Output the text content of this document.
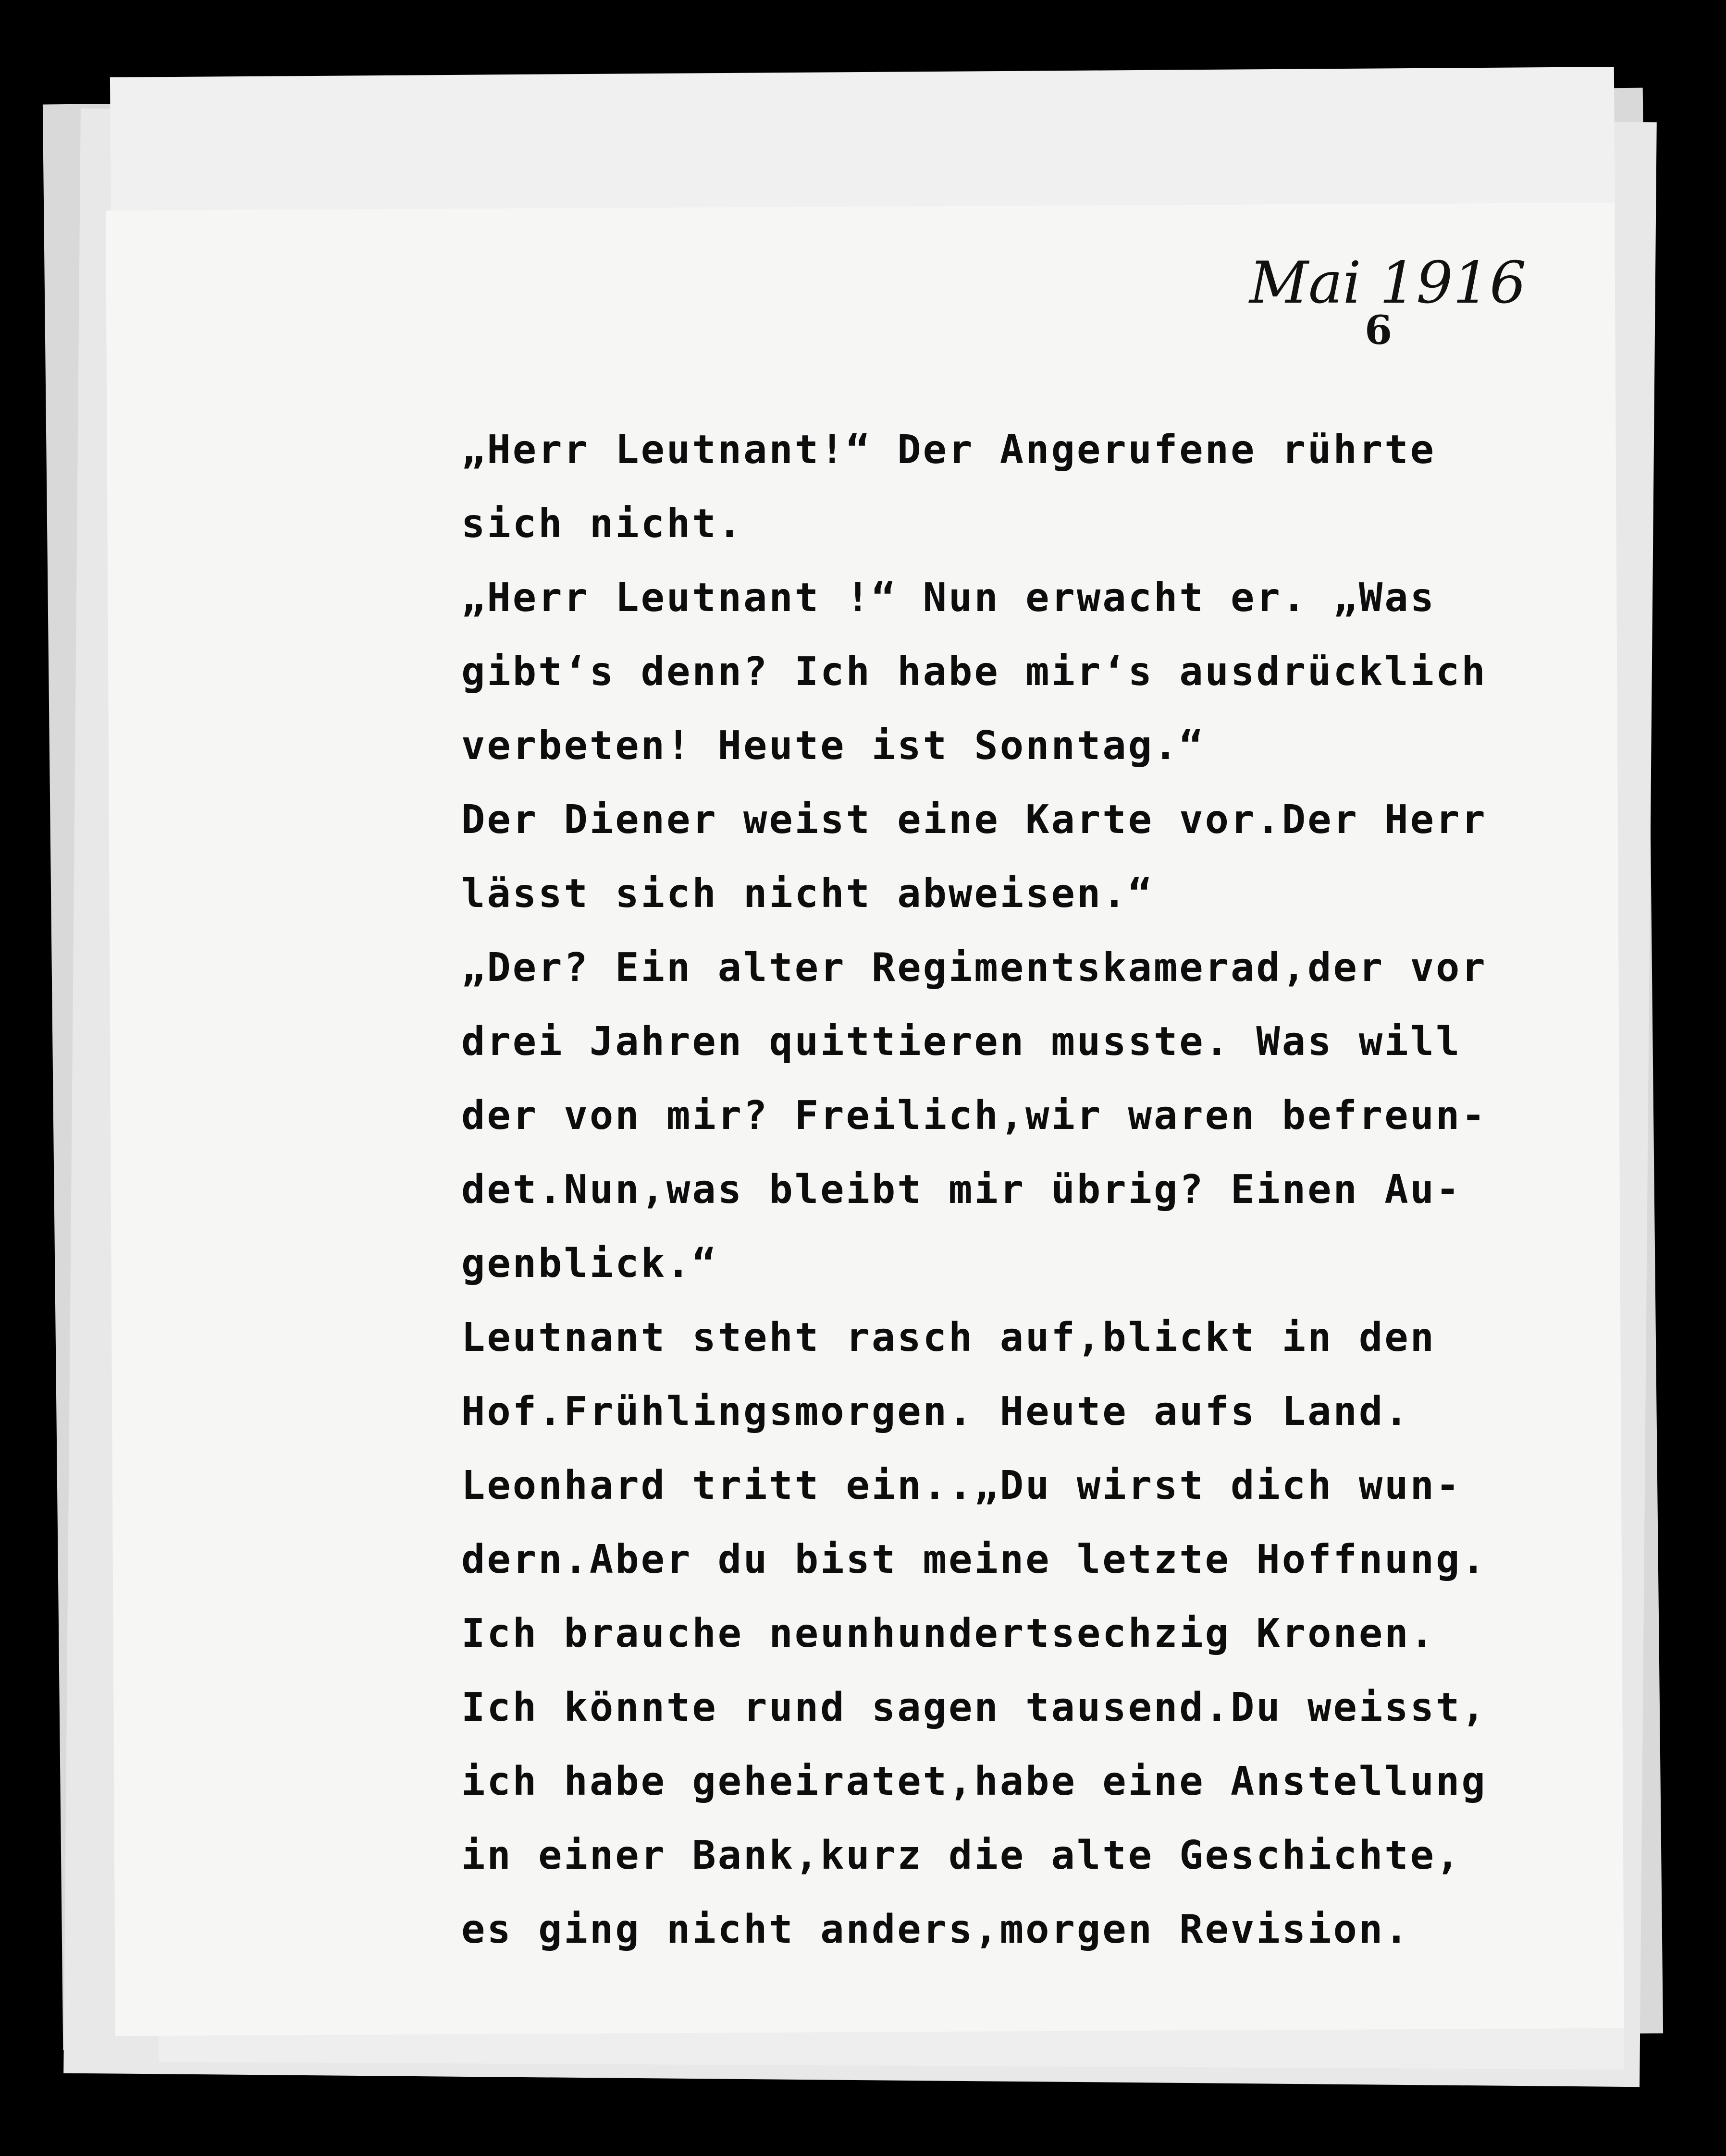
Mai 1916
6
„Herr Leutnant!“ Der Angerufene rührte
sich nicht.
„Herr Leutnant !“ Nun erwacht er. „Was
gibt‘s denn? Ich habe mir‘s ausdrücklich
verbeten! Heute ist Sonntag.“
Der Diener weist eine Karte vor.Der Herr
lässt sich nicht abweisen.“
„Der? Ein alter Regimentskamerad,der vor
drei Jahren quittieren musste. Was will
der von mir? Freilich,wir waren befreun-
det.Nun,was bleibt mir übrig? Einen Au-
genblick.“
Leutnant steht rasch auf,blickt in den
Hof.Frühlingsmorgen. Heute aufs Land.
Leonhard tritt ein..„Du wirst dich wun-
dern.Aber du bist meine letzte Hoffnung.
Ich brauche neunhundertsechzig Kronen.
Ich könnte rund sagen tausend.Du weisst,
ich habe geheiratet,habe eine Anstellung
in einer Bank,kurz die alte Geschichte,
es ging nicht anders,morgen Revision.
